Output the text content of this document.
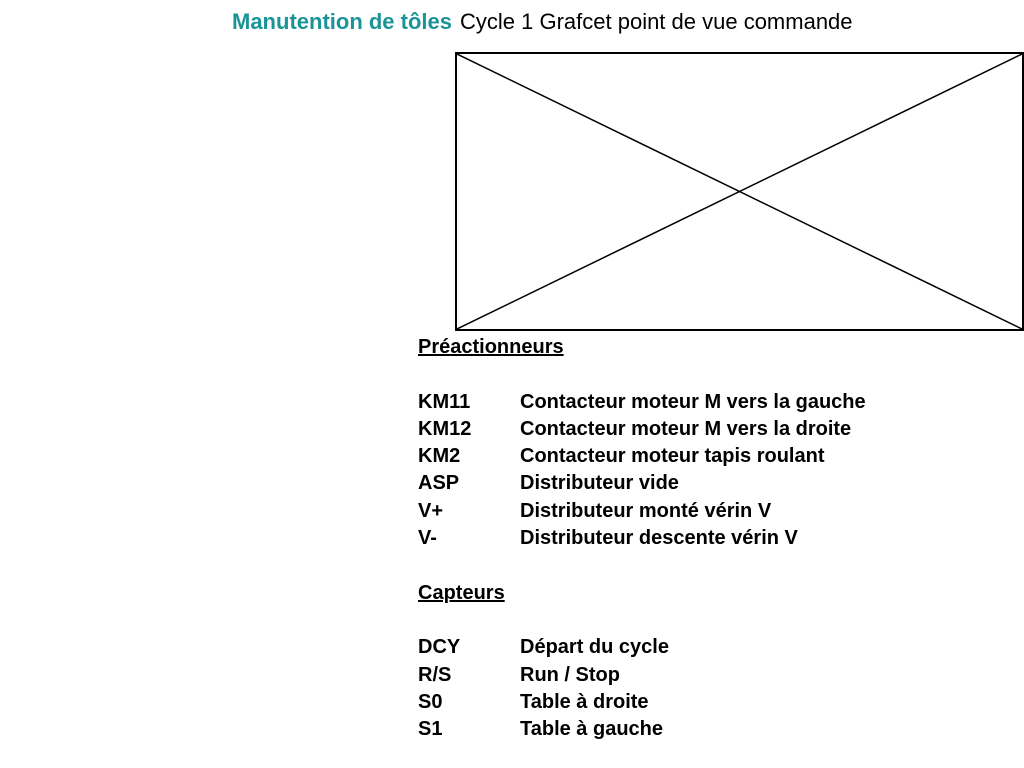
Manutention de tôles Cycle 1 Grafcet point de vue commande
Préactionneurs
KM11	Contacteur moteur M vers la gauche
KM12	Contacteur moteur M vers la droite
KM2	Contacteur moteur tapis roulant
ASP	Distributeur vide
V+	Distributeur monté vérin V
V-	Distributeur descente vérin V
Capteurs
DCY	Départ du cycle
R/S	Run / Stop
S0	Table à droite
S1	Table à gauche
